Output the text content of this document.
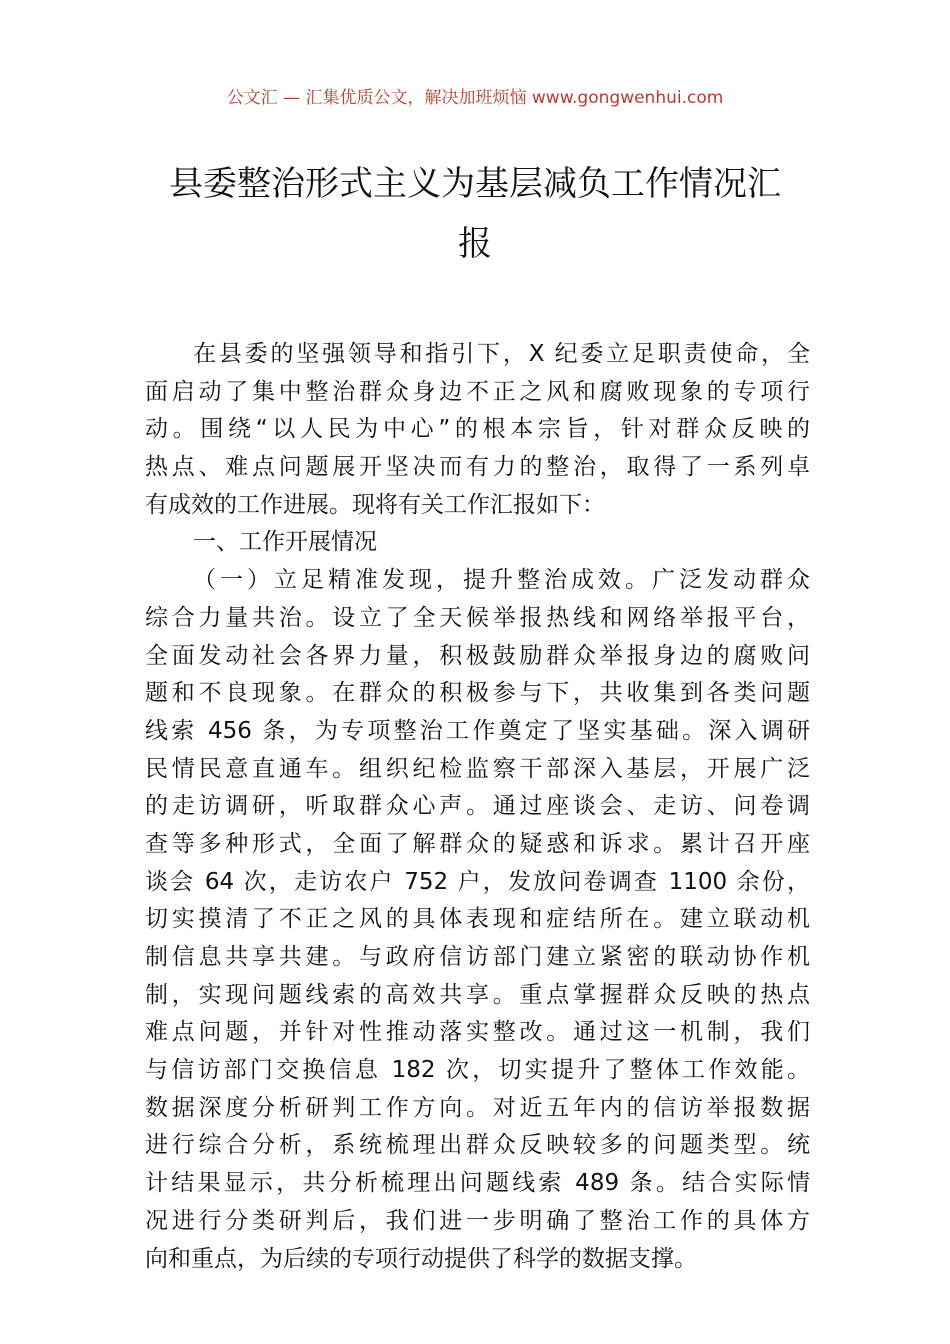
公文汇 — 汇集优质公文，解决加班烦恼 www.gongwenhui.com
县委整治形式主义为基层减负工作情况汇
报
在县委的坚强领导和指引下，X 纪委立足职责使命，全
面启动了集中整治群众身边不正之风和腐败现象的专项行
动。围绕“以人民为中心”的根本宗旨，针对群众反映的
热点、难点问题展开坚决而有力的整治，取得了一系列卓
有成效的工作进展。现将有关工作汇报如下：
一、工作开展情况
（一）立足精准发现，提升整治成效。广泛发动群众
综合力量共治。设立了全天候举报热线和网络举报平台，
全面发动社会各界力量，积极鼓励群众举报身边的腐败问
题和不良现象。在群众的积极参与下，共收集到各类问题
线索 456 条，为专项整治工作奠定了坚实基础。深入调研
民情民意直通车。组织纪检监察干部深入基层，开展广泛
的走访调研，听取群众心声。通过座谈会、走访、问卷调
查等多种形式，全面了解群众的疑惑和诉求。累计召开座
谈会 64 次，走访农户 752 户，发放问卷调查 1100 余份，
切实摸清了不正之风的具体表现和症结所在。建立联动机
制信息共享共建。与政府信访部门建立紧密的联动协作机
制，实现问题线索的高效共享。重点掌握群众反映的热点
难点问题，并针对性推动落实整改。通过这一机制，我们
与信访部门交换信息 182 次，切实提升了整体工作效能。
数据深度分析研判工作方向。对近五年内的信访举报数据
进行综合分析，系统梳理出群众反映较多的问题类型。统
计结果显示，共分析梳理出问题线索 489 条。结合实际情
况进行分类研判后，我们进一步明确了整治工作的具体方
向和重点，为后续的专项行动提供了科学的数据支撑。
